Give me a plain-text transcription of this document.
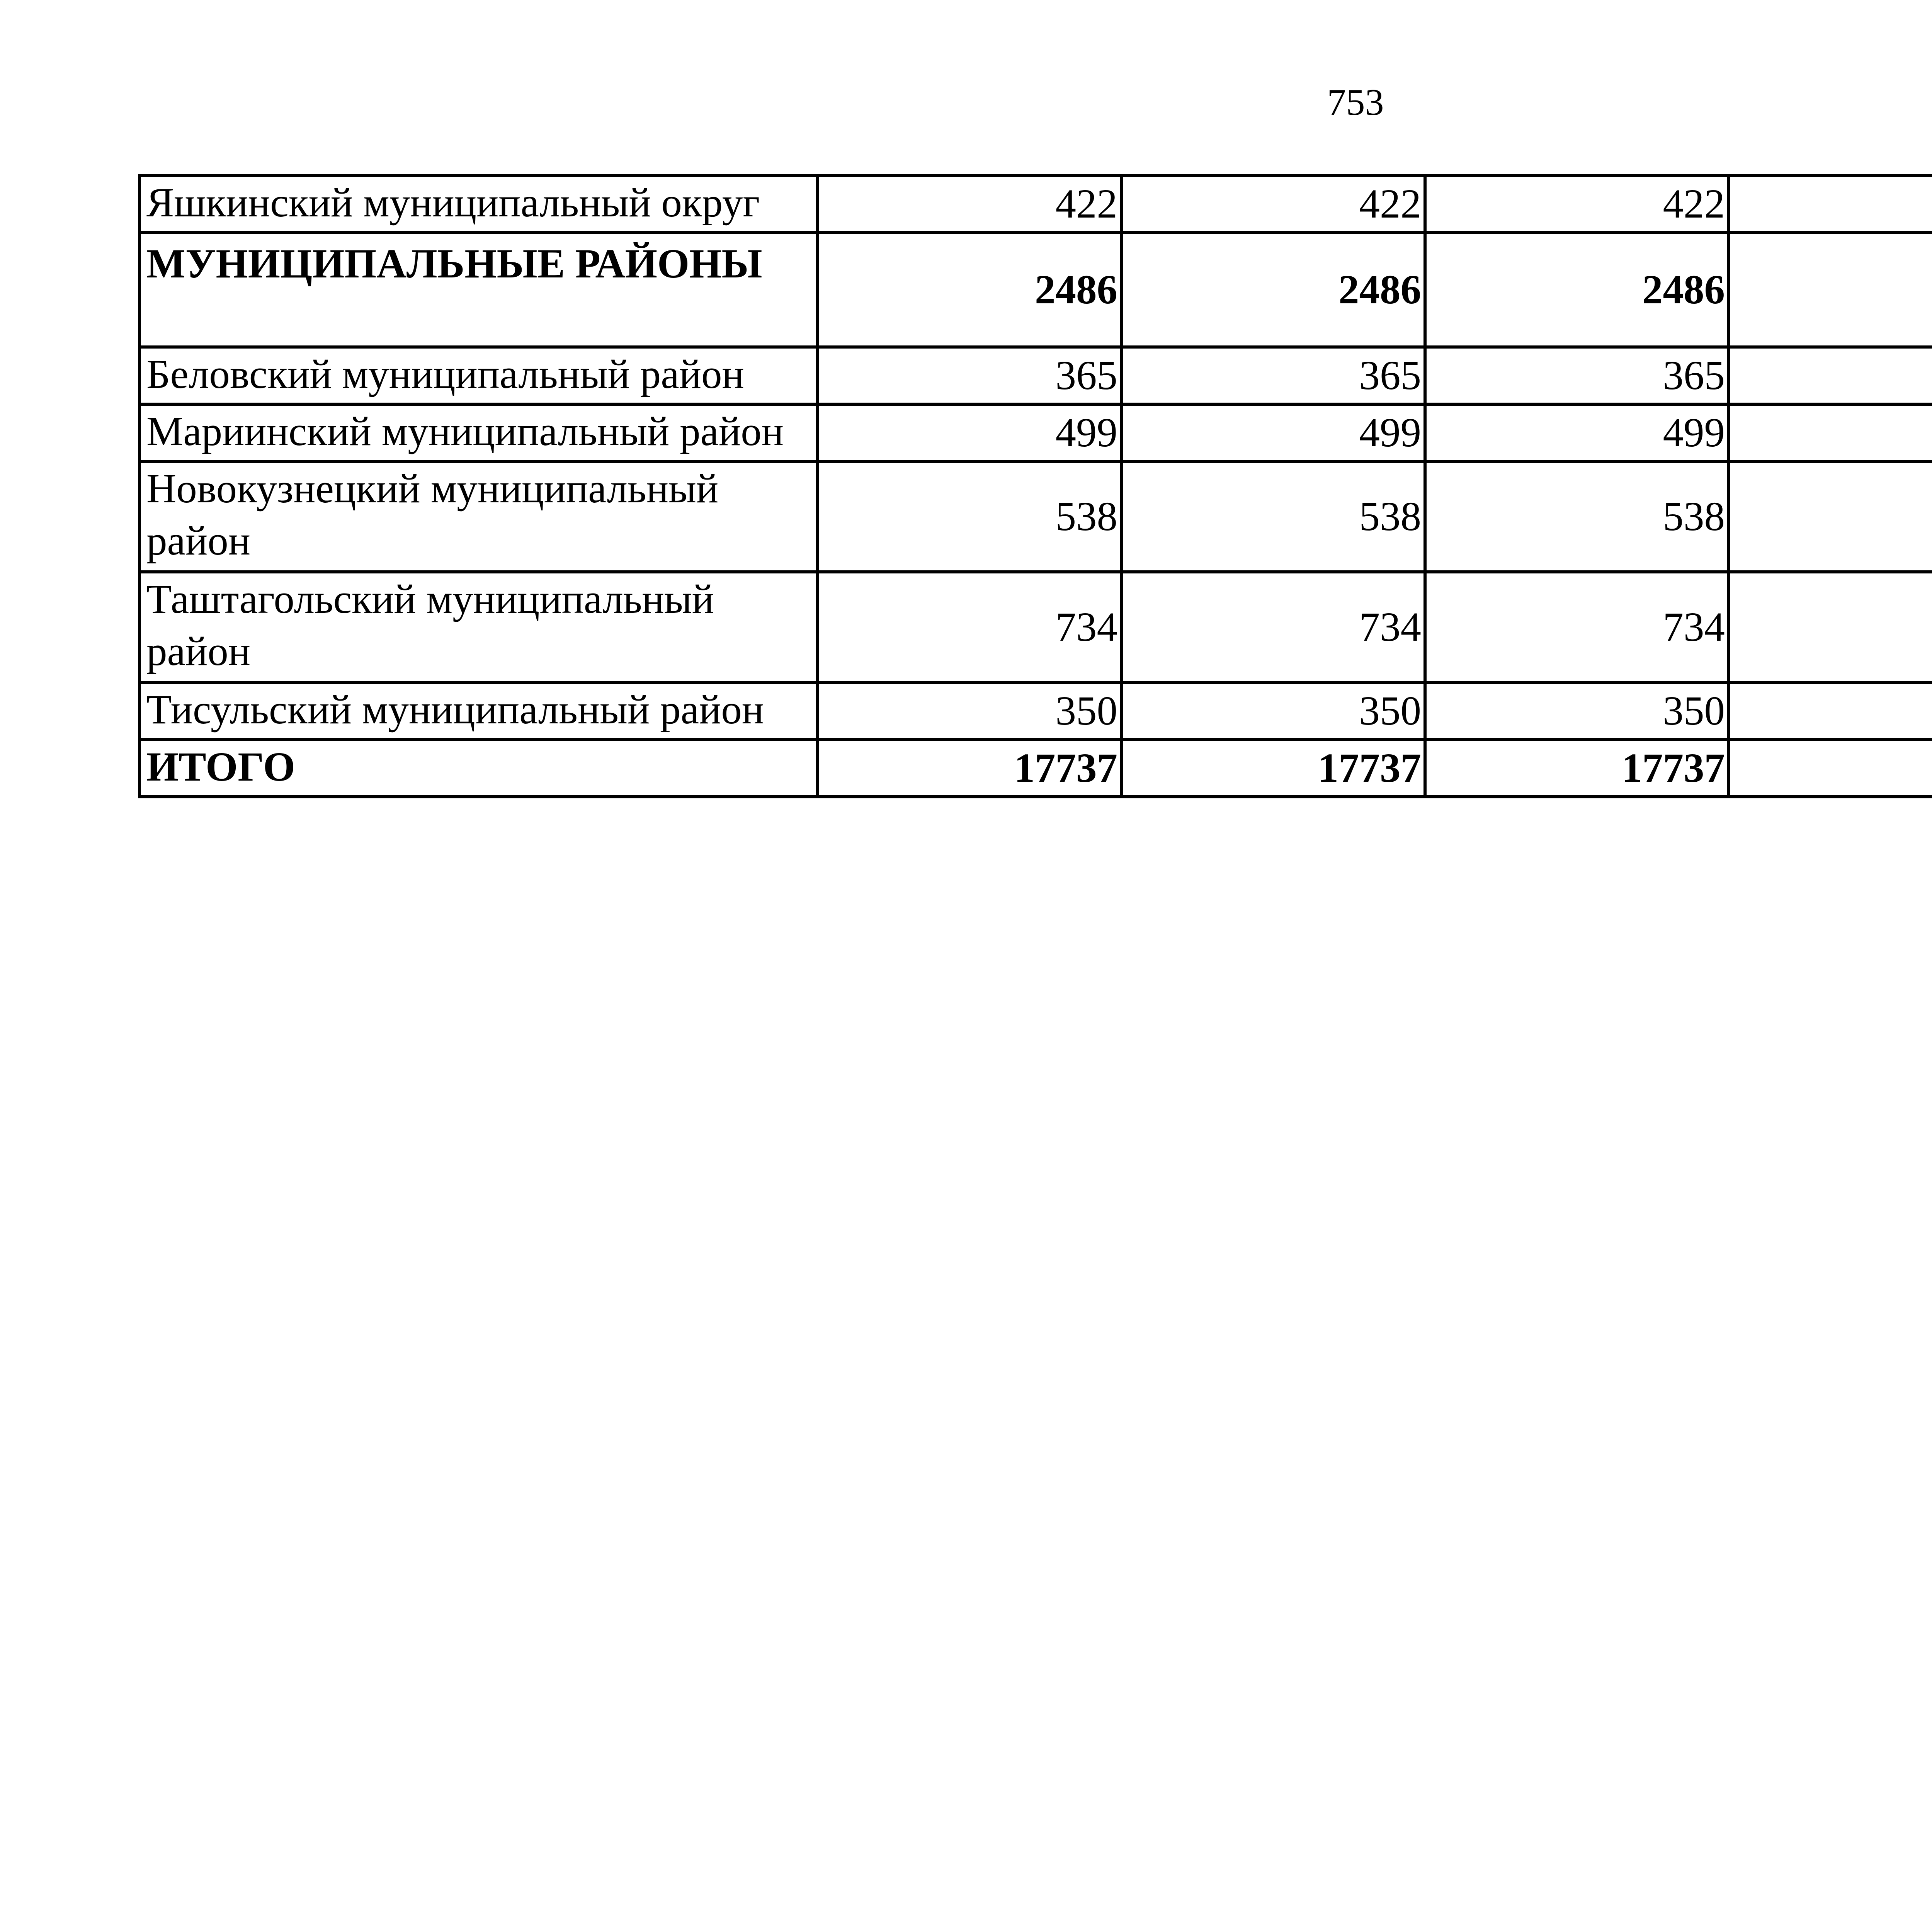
753
Яшкинский муниципальный округ	422	422	422			
МУНИЦИПАЛЬНЫЕ РАЙОНЫ	2486	2486	2486			
Беловский муниципальный район	365	365	365			
Мариинский муниципальный район	499	499	499			
Новокузнецкий муниципальный район	538	538	538			
Таштагольский муниципальный район	734	734	734			
Тисульский муниципальный район	350	350	350			
ИТОГО	17737	17737	17737			
